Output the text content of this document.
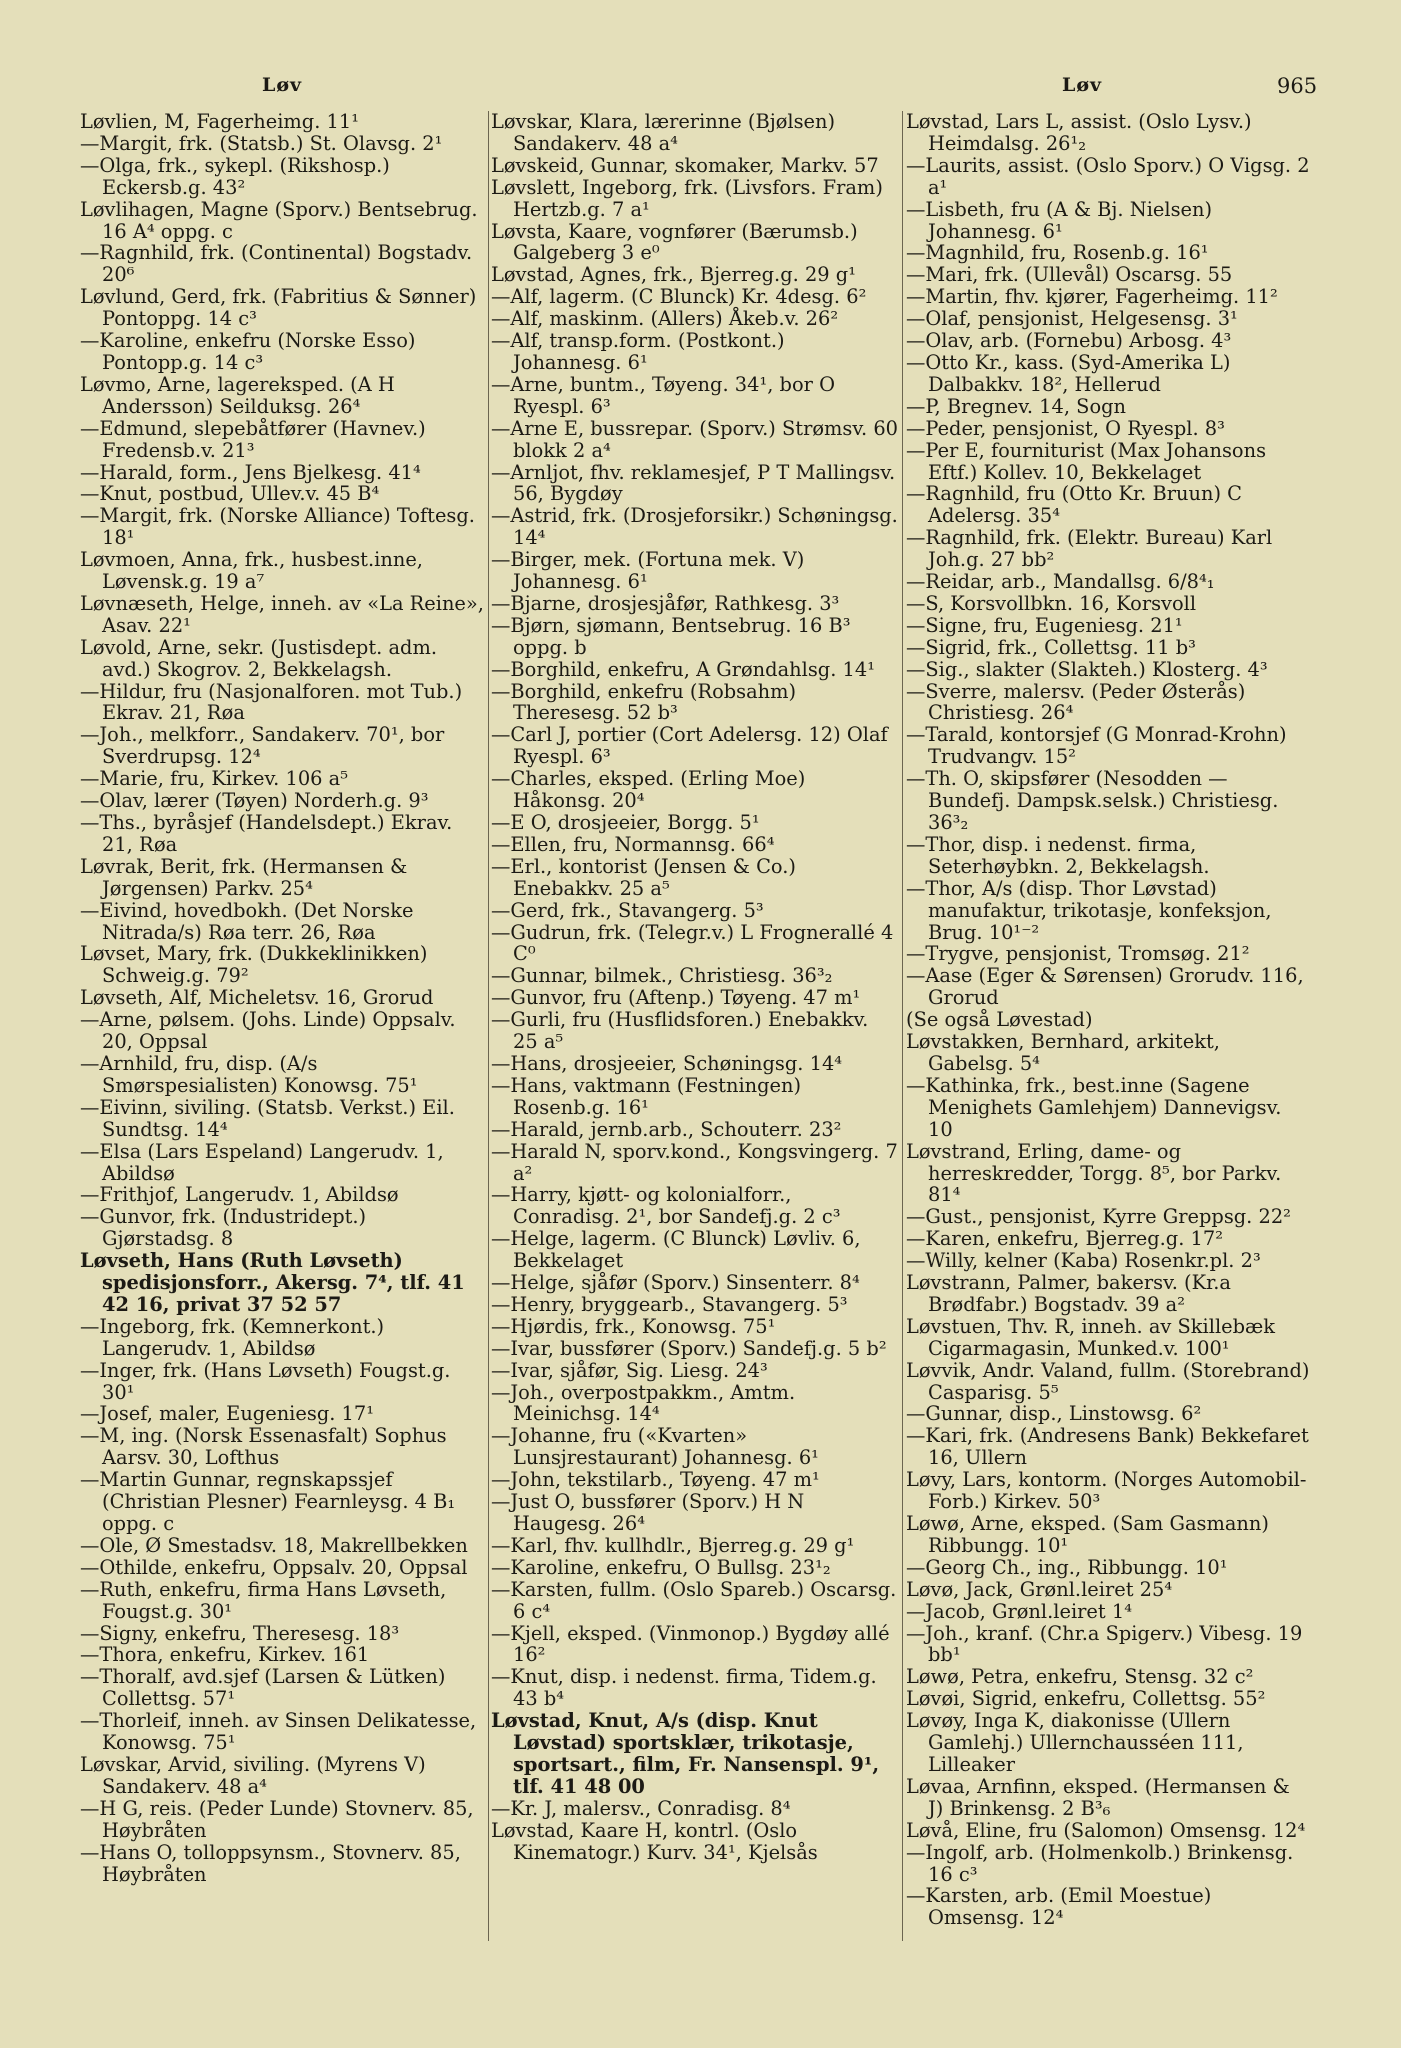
Løv	Løv	965

Løvlien, M, Fagerheimg. 11¹

—Margit, frk. (Statsb.) St. Olavsg. 2¹

—Olga, frk., sykepl. (Rikshosp.) Eckersb.g. 43²

Løvlihagen, Magne (Sporv.) Bentsebrug. 16 A⁴ oppg. c

—Ragnhild, frk. (Continental) Bogstadv. 20⁶

Løvlund, Gerd, frk. (Fabritius & Sønner) Pontoppg. 14 c³

—Karoline, enkefru (Norske Esso) Pontopp.g. 14 c³

Løvmo, Arne, lagereksped. (A H Andersson) Seilduksg. 26⁴

—Edmund, slepebåtfører (Havnev.) Fredensb.v. 21³

—Harald, form., Jens Bjelkesg. 41⁴

—Knut, postbud, Ullev.v. 45 B⁴

—Margit, frk. (Norske Alliance) Toftesg. 18¹

Løvmoen, Anna, frk., husbest.inne, Løvensk.g. 19 a⁷

Løvnæseth, Helge, inneh. av «La Reine», Asav. 22¹

Løvold, Arne, sekr. (Justisdept. adm. avd.) Skogrov. 2, Bekkelagsh.

—Hildur, fru (Nasjonalforen. mot Tub.) Ekrav. 21, Røa

—Joh., melkforr., Sandakerv. 70¹, bor Sverdrupsg. 12⁴

—Marie, fru, Kirkev. 106 a⁵

—Olav, lærer (Tøyen) Norderh.g. 9³

—Ths., byråsjef (Handelsdept.) Ekrav. 21, Røa

Løvrak, Berit, frk. (Hermansen & Jørgensen) Parkv. 25⁴

—Eivind, hovedbokh. (Det Norske Nitrada/s) Røa terr. 26, Røa

Løvset, Mary, frk. (Dukkeklinikken) Schweig.g. 79²

Løvseth, Alf, Micheletsv. 16, Grorud

—Arne, pølsem. (Johs. Linde) Oppsalv. 20, Oppsal

—Arnhild, fru, disp. (A/s Smørspesialisten) Konowsg. 75¹

—Eivinn, siviling. (Statsb. Verkst.) Eil. Sundtsg. 14⁴

—Elsa (Lars Espeland) Langerudv. 1, Abildsø

—Frithjof, Langerudv. 1, Abildsø

—Gunvor, frk. (Industridept.) Gjørstadsg. 8

Løvseth, Hans (Ruth Løvseth) spedisjonsforr., Akersg. 7⁴, tlf. 41 42 16, privat 37 52 57

—Ingeborg, frk. (Kemnerkont.) Langerudv. 1, Abildsø

—Inger, frk. (Hans Løvseth) Fougst.g. 30¹

—Josef, maler, Eugeniesg. 17¹

—M, ing. (Norsk Essenasfalt) Sophus Aarsv. 30, Lofthus

—Martin Gunnar, regnskapssjef (Christian Plesner) Fearnleysg. 4 B₁ oppg. c

—Ole, Ø Smestadsv. 18, Makrellbekken

—Othilde, enkefru, Oppsalv. 20, Oppsal

—Ruth, enkefru, firma Hans Løvseth, Fougst.g. 30¹

—Signy, enkefru, Theresesg. 18³

—Thora, enkefru, Kirkev. 161

—Thoralf, avd.sjef (Larsen & Lütken) Collettsg. 57¹

—Thorleif, inneh. av Sinsen Delikatesse, Konowsg. 75¹

Løvskar, Arvid, siviling. (Myrens V) Sandakerv. 48 a⁴

—H G, reis. (Peder Lunde) Stovnerv. 85, Høybråten

—Hans O, tolloppsynsm., Stovnerv. 85, Høybråten

Løvskar, Klara, lærerinne (Bjølsen) Sandakerv. 48 a⁴

Løvskeid, Gunnar, skomaker, Markv. 57

Løvslett, Ingeborg, frk. (Livsfors. Fram) Hertzb.g. 7 a¹

Løvsta, Kaare, vognfører (Bærumsb.) Galgeberg 3 e⁰

Løvstad, Agnes, frk., Bjerreg.g. 29 g¹

—Alf, lagerm. (C Blunck) Kr. 4desg. 6²

—Alf, maskinm. (Allers) Åkeb.v. 26²

—Alf, transp.form. (Postkont.) Johannesg. 6¹

—Arne, buntm., Tøyeng. 34¹, bor O Ryespl. 6³

—Arne E, bussrepar. (Sporv.) Strømsv. 60 blokk 2 a⁴

—Arnljot, fhv. reklamesjef, P T Mallingsv. 56, Bygdøy

—Astrid, frk. (Drosjeforsikr.) Schøningsg. 14⁴

—Birger, mek. (Fortuna mek. V) Johannesg. 6¹

—Bjarne, drosjesjåfør, Rathkesg. 3³

—Bjørn, sjømann, Bentsebrug. 16 B³ oppg. b

—Borghild, enkefru, A Grøndahlsg. 14¹

—Borghild, enkefru (Robsahm) Theresesg. 52 b³

—Carl J, portier (Cort Adelersg. 12) Olaf Ryespl. 6³

—Charles, eksped. (Erling Moe) Håkonsg. 20⁴

—E O, drosjeeier, Borgg. 5¹

—Ellen, fru, Normannsg. 66⁴

—Erl., kontorist (Jensen & Co.) Enebakkv. 25 a⁵

—Gerd, frk., Stavangerg. 5³

—Gudrun, frk. (Telegr.v.) L Frognerallé 4 C⁰

—Gunnar, bilmek., Christiesg. 36³₂

—Gunvor, fru (Aftenp.) Tøyeng. 47 m¹

—Gurli, fru (Husflidsforen.) Enebakkv. 25 a⁵

—Hans, drosjeeier, Schøningsg. 14⁴

—Hans, vaktmann (Festningen) Rosenb.g. 16¹

—Harald, jernb.arb., Schouterr. 23²

—Harald N, sporv.kond., Kongsvingerg. 7 a²

—Harry, kjøtt- og kolonialforr., Conradisg. 2¹, bor Sandefj.g. 2 c³

—Helge, lagerm. (C Blunck) Løvliv. 6, Bekkelaget

—Helge, sjåfør (Sporv.) Sinsenterr. 8⁴

—Henry, bryggearb., Stavangerg. 5³

—Hjørdis, frk., Konowsg. 75¹

—Ivar, bussfører (Sporv.) Sandefj.g. 5 b²

—Ivar, sjåfør, Sig. Liesg. 24³

—Joh., overpostpakkm., Amtm. Meinichsg. 14⁴

—Johanne, fru («Kvarten» Lunsjrestaurant) Johannesg. 6¹

—John, tekstilarb., Tøyeng. 47 m¹

—Just O, bussfører (Sporv.) H N Haugesg. 26⁴

—Karl, fhv. kullhdlr., Bjerreg.g. 29 g¹

—Karoline, enkefru, O Bullsg. 23¹₂

—Karsten, fullm. (Oslo Spareb.) Oscarsg. 6 c⁴

—Kjell, eksped. (Vinmonop.) Bygdøy allé 16²

—Knut, disp. i nedenst. firma, Tidem.g. 43 b⁴

Løvstad, Knut, A/s (disp. Knut Løvstad) sportsklær, trikotasje, sportsart., film, Fr. Nansenspl. 9¹, tlf. 41 48 00

—Kr. J, malersv., Conradisg. 8⁴

Løvstad, Kaare H, kontrl. (Oslo Kinematogr.) Kurv. 34¹, Kjelsås

Løvstad, Lars L, assist. (Oslo Lysv.) Heimdalsg. 26¹₂

—Laurits, assist. (Oslo Sporv.) O Vigsg. 2 a¹

—Lisbeth, fru (A & Bj. Nielsen) Johannesg. 6¹

—Magnhild, fru, Rosenb.g. 16¹

—Mari, frk. (Ullevål) Oscarsg. 55

—Martin, fhv. kjører, Fagerheimg. 11²

—Olaf, pensjonist, Helgesensg. 3¹

—Olav, arb. (Fornebu) Arbosg. 4³

—Otto Kr., kass. (Syd-Amerika L) Dalbakkv. 18², Hellerud

—P, Bregnev. 14, Sogn

—Peder, pensjonist, O Ryespl. 8³

—Per E, fourniturist (Max Johansons Eftf.) Kollev. 10, Bekkelaget

—Ragnhild, fru (Otto Kr. Bruun) C Adelersg. 35⁴

—Ragnhild, frk. (Elektr. Bureau) Karl Joh.g. 27 bb²

—Reidar, arb., Mandallsg. 6/8⁴₁

—S, Korsvollbkn. 16, Korsvoll

—Signe, fru, Eugeniesg. 21¹

—Sigrid, frk., Collettsg. 11 b³

—Sig., slakter (Slakteh.) Klosterg. 4³

—Sverre, malersv. (Peder Østerås) Christiesg. 26⁴

—Tarald, kontorsjef (G Monrad-Krohn) Trudvangv. 15²

—Th. O, skipsfører (Nesodden — Bundefj. Dampsk.selsk.) Christiesg. 36³₂

—Thor, disp. i nedenst. firma, Seterhøybkn. 2, Bekkelagsh.

—Thor, A/s (disp. Thor Løvstad) manufaktur, trikotasje, konfeksjon, Brug. 10¹⁻²

—Trygve, pensjonist, Tromsøg. 21²

—Aase (Eger & Sørensen) Grorudv. 116, Grorud

(Se også Løvestad)

Løvstakken, Bernhard, arkitekt, Gabelsg. 5⁴

—Kathinka, frk., best.inne (Sagene Menighets Gamlehjem) Dannevigsv. 10

Løvstrand, Erling, dame- og herreskredder, Torgg. 8⁵, bor Parkv. 81⁴

—Gust., pensjonist, Kyrre Greppsg. 22²

—Karen, enkefru, Bjerreg.g. 17²

—Willy, kelner (Kaba) Rosenkr.pl. 2³

Løvstrann, Palmer, bakersv. (Kr.a Brødfabr.) Bogstadv. 39 a²

Løvstuen, Thv. R, inneh. av Skillebæk Cigarmagasin, Munked.v. 100¹

Løvvik, Andr. Valand, fullm. (Storebrand) Casparisg. 5⁵

—Gunnar, disp., Linstowsg. 6²

—Kari, frk. (Andresens Bank) Bekkefaret 16, Ullern

Løvy, Lars, kontorm. (Norges Automobil-Forb.) Kirkev. 50³

Løwø, Arne, eksped. (Sam Gasmann) Ribbungg. 10¹

—Georg Ch., ing., Ribbungg. 10¹

Løvø, Jack, Grønl.leiret 25⁴

—Jacob, Grønl.leiret 1⁴

—Joh., kranf. (Chr.a Spigerv.) Vibesg. 19 bb¹

Løwø, Petra, enkefru, Stensg. 32 c²

Løvøi, Sigrid, enkefru, Collettsg. 55²

Løvøy, Inga K, diakonisse (Ullern Gamlehj.) Ullernchausséen 111, Lilleaker

Løvaa, Arnfinn, eksped. (Hermansen & J) Brinkensg. 2 B³₆

Løvå, Eline, fru (Salomon) Omsensg. 12⁴

—Ingolf, arb. (Holmenkolb.) Brinkensg. 16 c³

—Karsten, arb. (Emil Moestue) Omsensg. 12⁴
